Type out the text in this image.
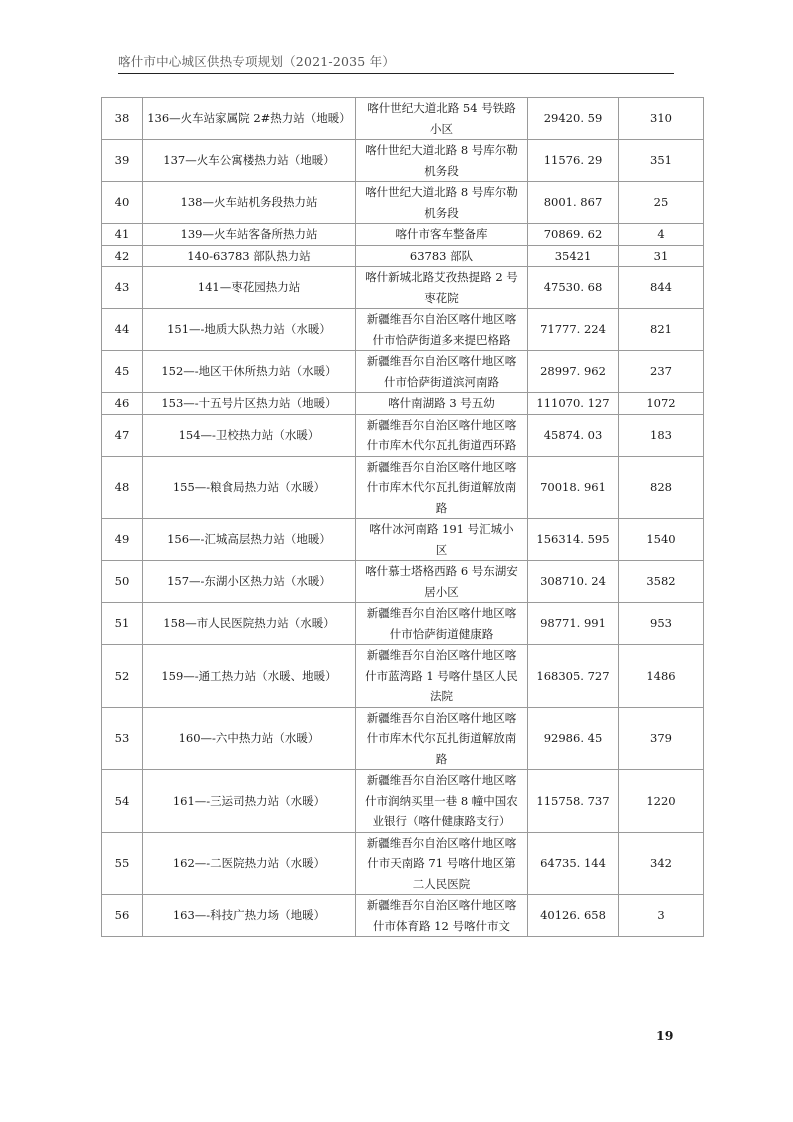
喀什市中心城区供热专项规划（2021-2035 年）
38	136—火车站家属院 2#热力站（地暖）	喀什世纪大道北路 54 号铁路小区	29420. 59	310
39	137—火车公寓楼热力站（地暖）	喀什世纪大道北路 8 号库尔勒机务段	11576. 29	351
40	138—火车站机务段热力站	喀什世纪大道北路 8 号库尔勒机务段	8001. 867	25
41	139—火车站客备所热力站	喀什市客车整备库	70869. 62	4
42	140-63783 部队热力站	63783 部队	35421	31
43	141—枣花园热力站	喀什新城北路艾孜热提路 2 号枣花院	47530. 68	844
44	151—-地质大队热力站（水暖）	新疆维吾尔自治区喀什地区喀什市恰萨街道多来提巴格路	71777. 224	821
45	152—-地区干休所热力站（水暖）	新疆维吾尔自治区喀什地区喀什市恰萨街道滨河南路	28997. 962	237
46	153—-十五号片区热力站（地暖）	喀什南湖路 3 号五幼	111070. 127	1072
47	154—-卫校热力站（水暖）	新疆维吾尔自治区喀什地区喀什市库木代尔瓦扎街道西环路	45874. 03	183
48	155—-粮食局热力站（水暖）	新疆维吾尔自治区喀什地区喀什市库木代尔瓦扎街道解放南路	70018. 961	828
49	156—-汇城高层热力站（地暖）	喀什冰河南路 191 号汇城小区	156314. 595	1540
50	157—-东湖小区热力站（水暖）	喀什慕士塔格西路 6 号东湖安居小区	308710. 24	3582
51	158—市人民医院热力站（水暖）	新疆维吾尔自治区喀什地区喀什市恰萨街道健康路	98771. 991	953
52	159—-通工热力站（水暖、地暖）	新疆维吾尔自治区喀什地区喀什市蓝湾路 1 号喀什垦区人民法院	168305. 727	1486
53	160—-六中热力站（水暖）	新疆维吾尔自治区喀什地区喀什市库木代尔瓦扎街道解放南路	92986. 45	379
54	161—-三运司热力站（水暖）	新疆维吾尔自治区喀什地区喀什市润纳买里一巷 8 幢中国农业银行（喀什健康路支行）	115758. 737	1220
55	162—-二医院热力站（水暖）	新疆维吾尔自治区喀什地区喀什市天南路 71 号喀什地区第二人民医院	64735. 144	342
56	163—-科技广热力场（地暖）	新疆维吾尔自治区喀什地区喀什市体育路 12 号喀什市文	40126. 658	3
19
